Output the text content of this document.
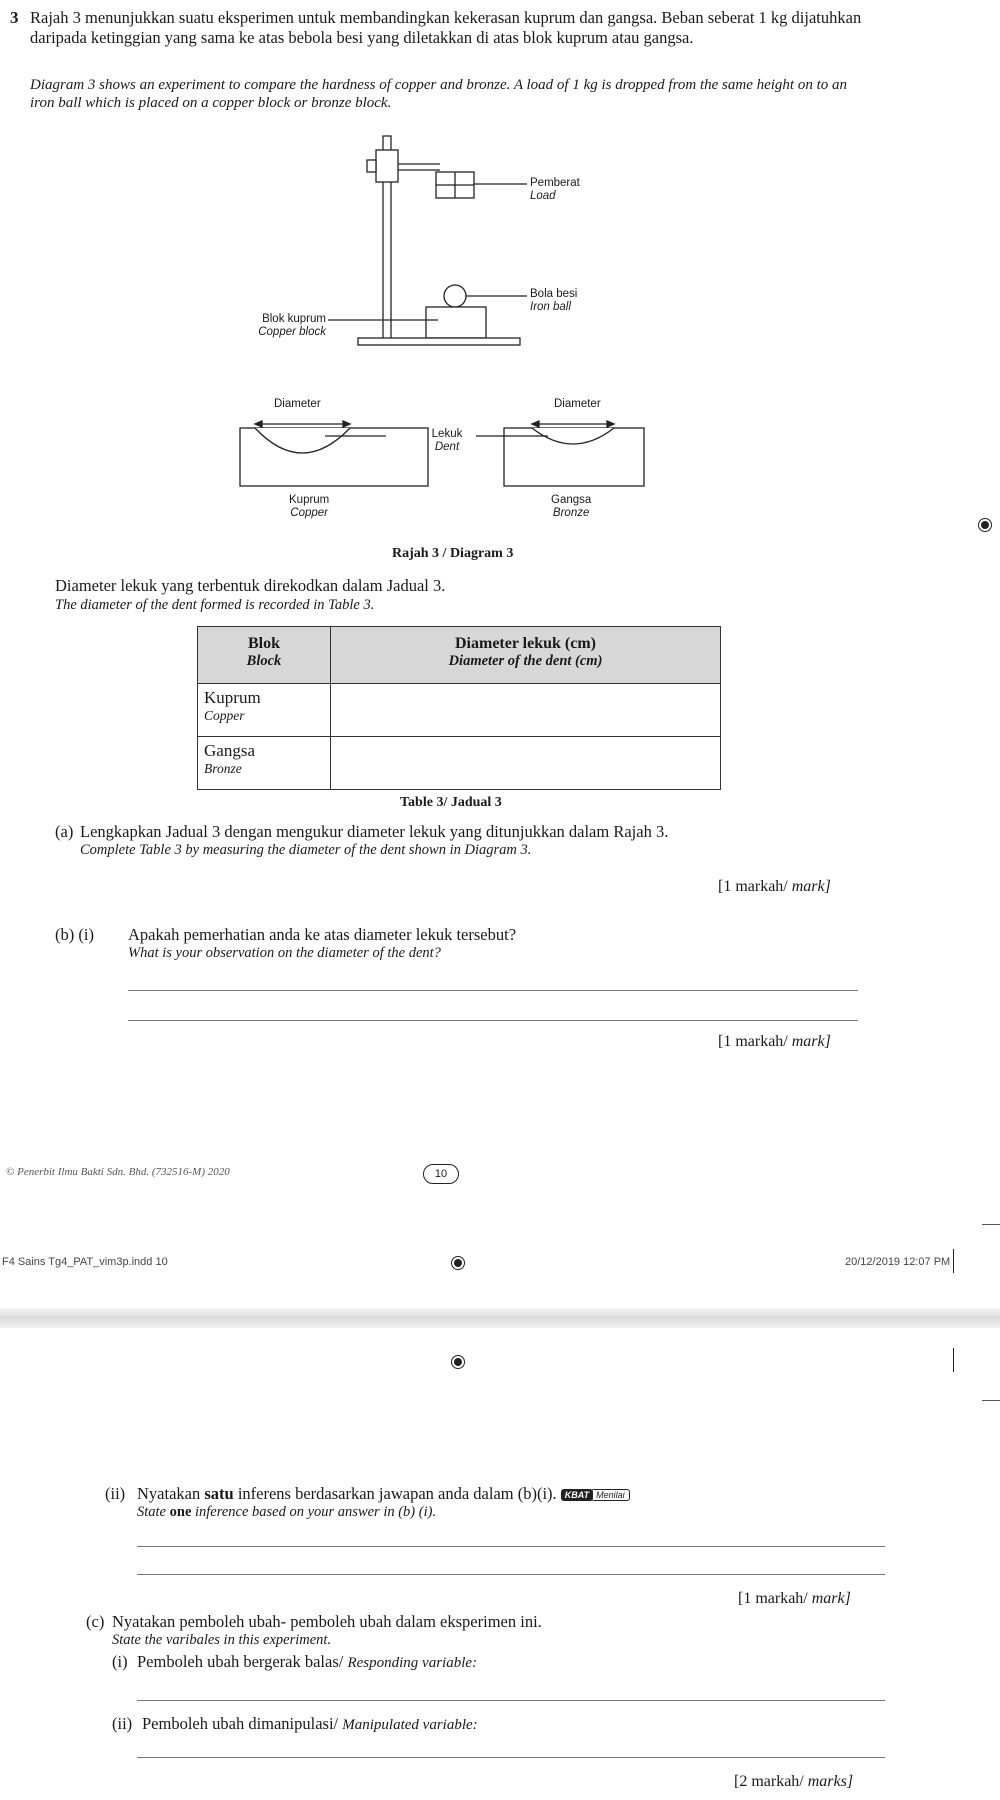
3 Rajah 3 menunjukkan suatu eksperimen untuk membandingkan kekerasan kuprum dan gangsa. Beban seberat 1 kg dijatuhkan daripada ketinggian yang sama ke atas bebola besi yang diletakkan di atas blok kuprum atau gangsa.
Diagram 3 shows an experiment to compare the hardness of copper and bronze. A load of 1 kg is dropped from the same height on to an iron ball which is placed on a copper block or bronze block.
Pemberat
Load
Bola besi
Iron ball
Blok kuprum
Copper block
Diameter	Diameter
Lekuk
Dent
Kuprum
Copper
Gangsa
Bronze
Rajah 3 / Diagram 3
Diameter lekuk yang terbentuk direkodkan dalam Jadual 3.
The diameter of the dent formed is recorded in Table 3.
Blok
Block	Diameter lekuk (cm)
Diameter of the dent (cm)

Kuprum
Copper	

Gangsa
Bronze	

Table 3/ Jadual 3
(a) Lengkapkan Jadual 3 dengan mengukur diameter lekuk yang ditunjukkan dalam Rajah 3.
Complete Table 3 by measuring the diameter of the dent shown in Diagram 3.
[1 markah/ mark]
(b) (i) Apakah pemerhatian anda ke atas diameter lekuk tersebut?
What is your observation on the diameter of the dent?
[1 markah/ mark]
© Penerbit Ilmu Bakti Sdn. Bhd. (732516-M) 2020	10
F4 Sains Tg4_PAT_vim3p.indd 10	20/12/2019 12:07 PM
(ii) Nyatakan satu inferens berdasarkan jawapan anda dalam (b)(i). KBAT Menilai
State one inference based on your answer in (b) (i).
[1 markah/ mark]
(c) Nyatakan pemboleh ubah- pemboleh ubah dalam eksperimen ini.
State the varibales in this experiment.
(i) Pemboleh ubah bergerak balas/ Responding variable:
(ii) Pemboleh ubah dimanipulasi/ Manipulated variable:
[2 markah/ marks]
